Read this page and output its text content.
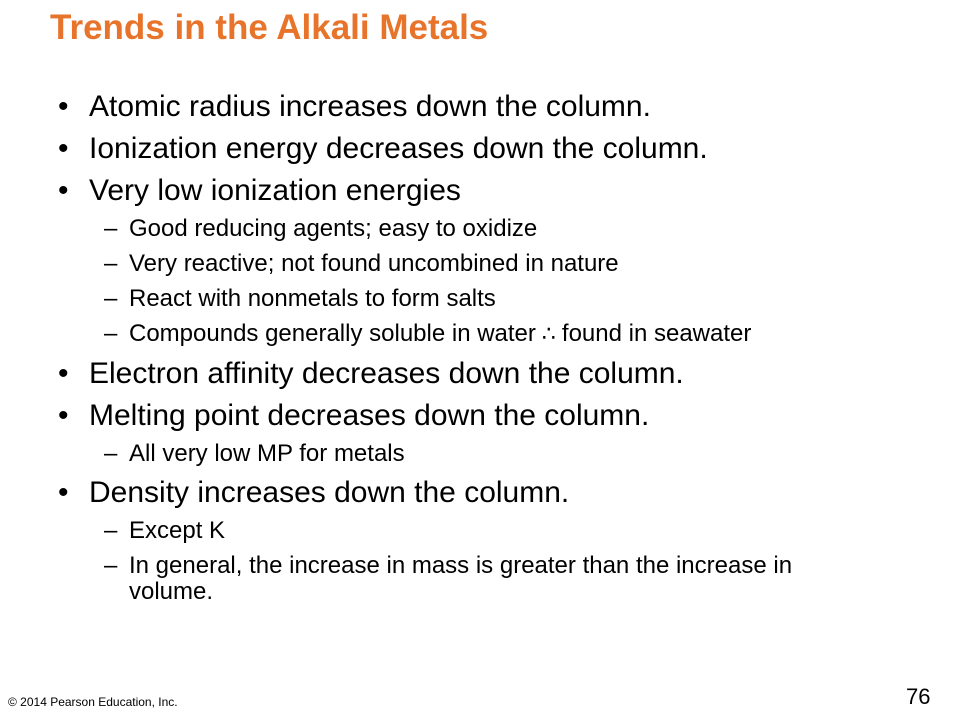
Trends in the Alkali Metals
• Atomic radius increases down the column.
• Ionization energy decreases down the column.
• Very low ionization energies
– Good reducing agents; easy to oxidize
– Very reactive; not found uncombined in nature
– React with nonmetals to form salts
– Compounds generally soluble in water ∴ found in seawater
• Electron affinity decreases down the column.
• Melting point decreases down the column.
– All very low MP for metals
• Density increases down the column.
– Except K
– In general, the increase in mass is greater than the increase in volume.
© 2014 Pearson Education, Inc.	76
